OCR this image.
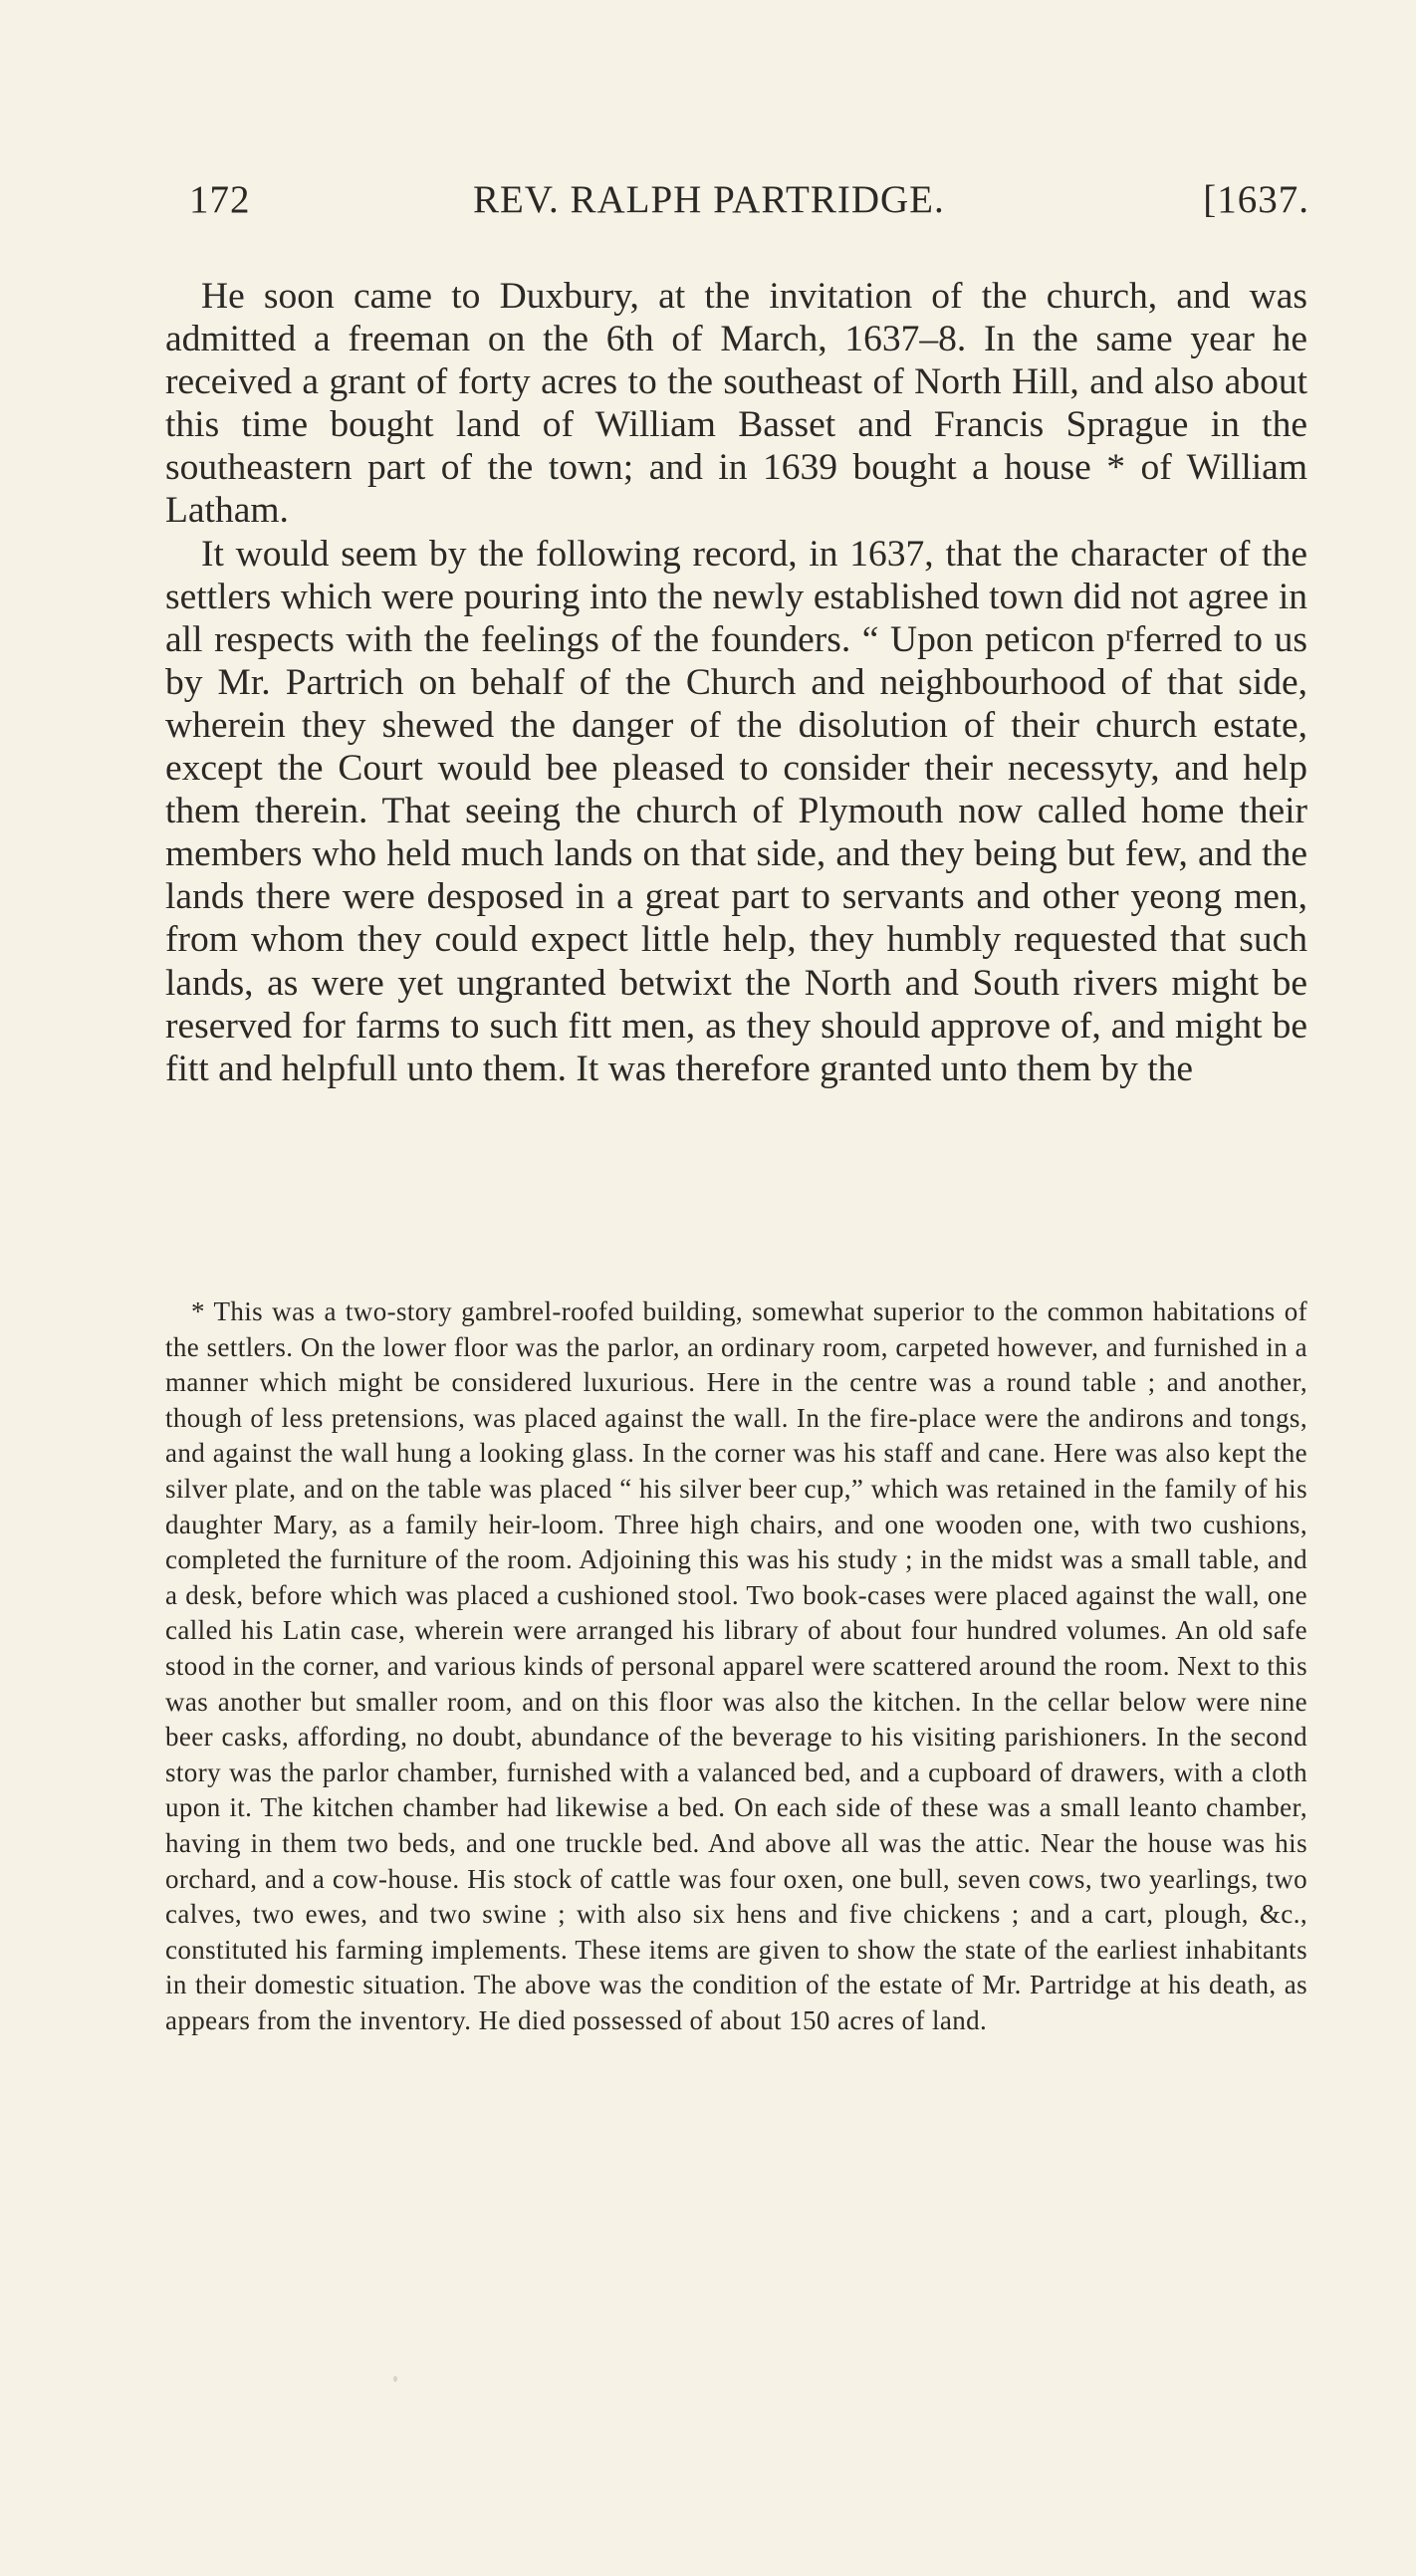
172	REV. RALPH PARTRIDGE.	[1637.

He soon came to Duxbury, at the invitation of the church, and was admitted a freeman on the 6th of March, 1637–8. In the same year he received a grant of forty acres to the southeast of North Hill, and also about this time bought land of William Basset and Francis Sprague in the southeastern part of the town; and in 1639 bought a house * of William Latham.

It would seem by the following record, in 1637, that the character of the settlers which were pouring into the newly established town did not agree in all respects with the feelings of the founders. “ Upon peticon pʳferred to us by Mr. Partrich on behalf of the Church and neighbourhood of that side, wherein they shewed the danger of the disolution of their church estate, except the Court would bee pleased to consider their necessyty, and help them therein. That seeing the church of Plymouth now called home their members who held much lands on that side, and they being but few, and the lands there were desposed in a great part to servants and other yeong men, from whom they could expect little help, they humbly requested that such lands, as were yet ungranted betwixt the North and South rivers might be reserved for farms to such fitt men, as they should approve of, and might be fitt and helpfull unto them. It was therefore granted unto them by the

* This was a two-story gambrel-roofed building, somewhat superior to the common habitations of the settlers. On the lower floor was the parlor, an ordinary room, carpeted however, and furnished in a manner which might be considered luxurious. Here in the centre was a round table ; and another, though of less pretensions, was placed against the wall. In the fire-place were the andirons and tongs, and against the wall hung a looking glass. In the corner was his staff and cane. Here was also kept the silver plate, and on the table was placed “ his silver beer cup,” which was retained in the family of his daughter Mary, as a family heir-loom. Three high chairs, and one wooden one, with two cushions, completed the furniture of the room. Adjoining this was his study ; in the midst was a small table, and a desk, before which was placed a cushioned stool. Two book-cases were placed against the wall, one called his Latin case, wherein were arranged his library of about four hundred volumes. An old safe stood in the corner, and various kinds of personal apparel were scattered around the room. Next to this was another but smaller room, and on this floor was also the kitchen. In the cellar below were nine beer casks, affording, no doubt, abundance of the beverage to his visiting parishioners. In the second story was the parlor chamber, furnished with a valanced bed, and a cupboard of drawers, with a cloth upon it. The kitchen chamber had likewise a bed. On each side of these was a small leanto chamber, having in them two beds, and one truckle bed. And above all was the attic. Near the house was his orchard, and a cow-house. His stock of cattle was four oxen, one bull, seven cows, two yearlings, two calves, two ewes, and two swine ; with also six hens and five chickens ; and a cart, plough, &c., constituted his farming implements. These items are given to show the state of the earliest inhabitants in their domestic situation. The above was the condition of the estate of Mr. Partridge at his death, as appears from the inventory. He died possessed of about 150 acres of land.
